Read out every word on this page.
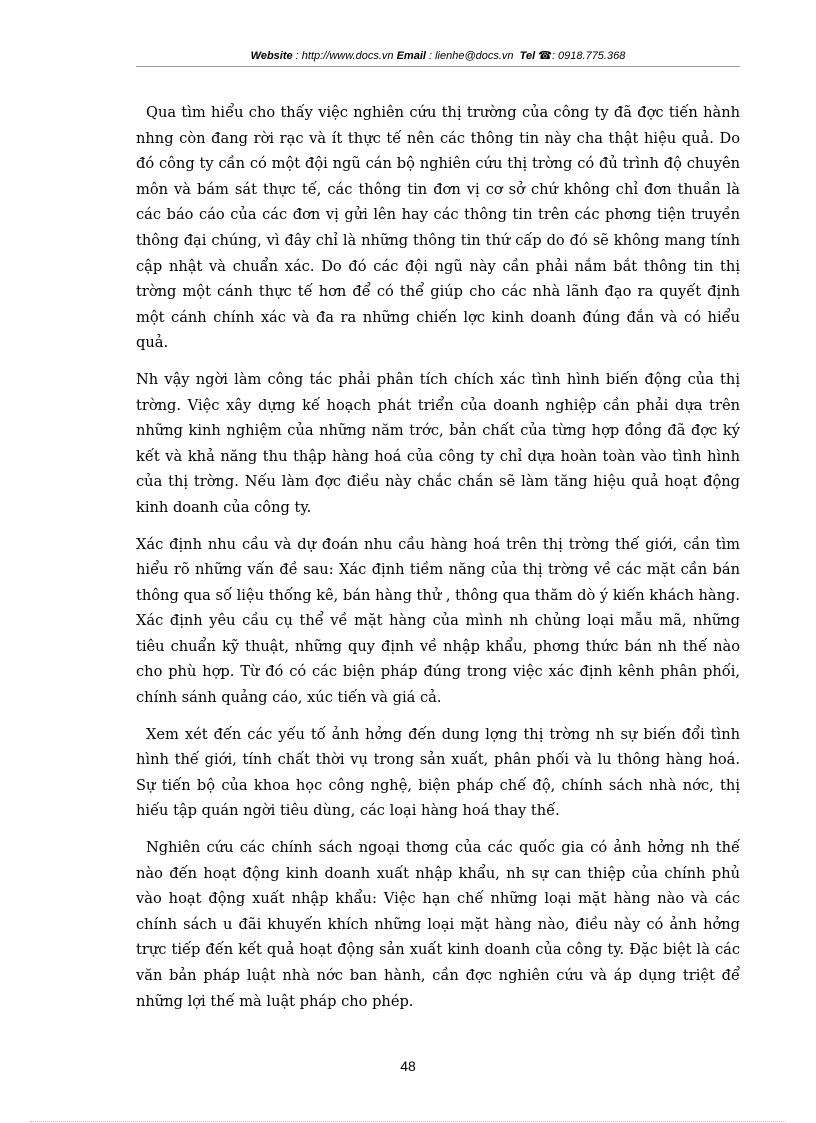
Website : http://www.docs.vn Email : lienhe@docs.vn Tel ☎: 0918.775.368

Qua tìm hiểu cho thấy việc nghiên cứu thị trường của công ty đã đợc tiến hành nhng còn đang rời rạc và ít thực tế nên các thông tin này cha thật hiệu quả. Do đó công ty cần có một đội ngũ cán bộ nghiên cứu thị trờng có đủ trình độ chuyên môn và bám sát thực tế, các thông tin đơn vị cơ sở chứ không chỉ đơn thuần là các báo cáo của các đơn vị gửi lên hay các thông tin trên các phơng tiện truyền thông đại chúng, vì đây chỉ là những thông tin thứ cấp do đó sẽ không mang tính cập nhật và chuẩn xác. Do đó các đội ngũ này cần phải nắm bắt thông tin thị trờng một cánh thực tế hơn để có thể giúp cho các nhà lãnh đạo ra quyết định một cánh chính xác và đa ra những chiến lợc kinh doanh đúng đắn và có hiểu quả.

Nh vậy ngời làm công tác phải phân tích chích xác tình hình biến động của thị trờng. Việc xây dựng kế hoạch phát triển của doanh nghiệp cần phải dựa trên những kinh nghiệm của những năm trớc, bản chất của từng hợp đồng đã đợc ký kết và khả năng thu thập hàng hoá của công ty chỉ dựa hoàn toàn vào tình hình của thị trờng. Nếu làm đợc điều này chắc chắn sẽ làm tăng hiệu quả hoạt động kinh doanh của công ty.

Xác định nhu cầu và dự đoán nhu cầu hàng hoá trên thị trờng thế giới, cần tìm hiểu rõ những vấn đề sau: Xác định tiềm năng của thị trờng về các mặt cần bán thông qua số liệu thống kê, bán hàng thử , thông qua thăm dò ý kiến khách hàng. Xác định yêu cầu cụ thể về mặt hàng của mình nh chủng loại mẫu mã, những tiêu chuẩn kỹ thuật, những quy định về nhập khẩu, phơng thức bán nh thế nào cho phù hợp. Từ đó có các biện pháp đúng trong việc xác định kênh phân phối, chính sánh quảng cáo, xúc tiến và giá cả.

Xem xét đến các yếu tố ảnh hởng đến dung lợng thị trờng nh sự biến đổi tình hình thế giới, tính chất thời vụ trong sản xuất, phân phối và lu thông hàng hoá. Sự tiến bộ của khoa học công nghệ, biện pháp chế độ, chính sách nhà nớc, thị hiếu tập quán ngời tiêu dùng, các loại hàng hoá thay thế.

Nghiên cứu các chính sách ngoại thơng của các quốc gia có ảnh hởng nh thế nào đến hoạt động kinh doanh xuất nhập khẩu, nh sự can thiệp của chính phủ vào hoạt động xuất nhập khẩu: Việc hạn chế những loại mặt hàng nào và các chính sách u đãi khuyến khích những loại mặt hàng nào, điều này có ảnh hởng trực tiếp đến kết quả hoạt động sản xuất kinh doanh của công ty. Đặc biệt là các văn bản pháp luật nhà nớc ban hành, cần đợc nghiên cứu và áp dụng triệt để những lợi thế mà luật pháp cho phép.

48
